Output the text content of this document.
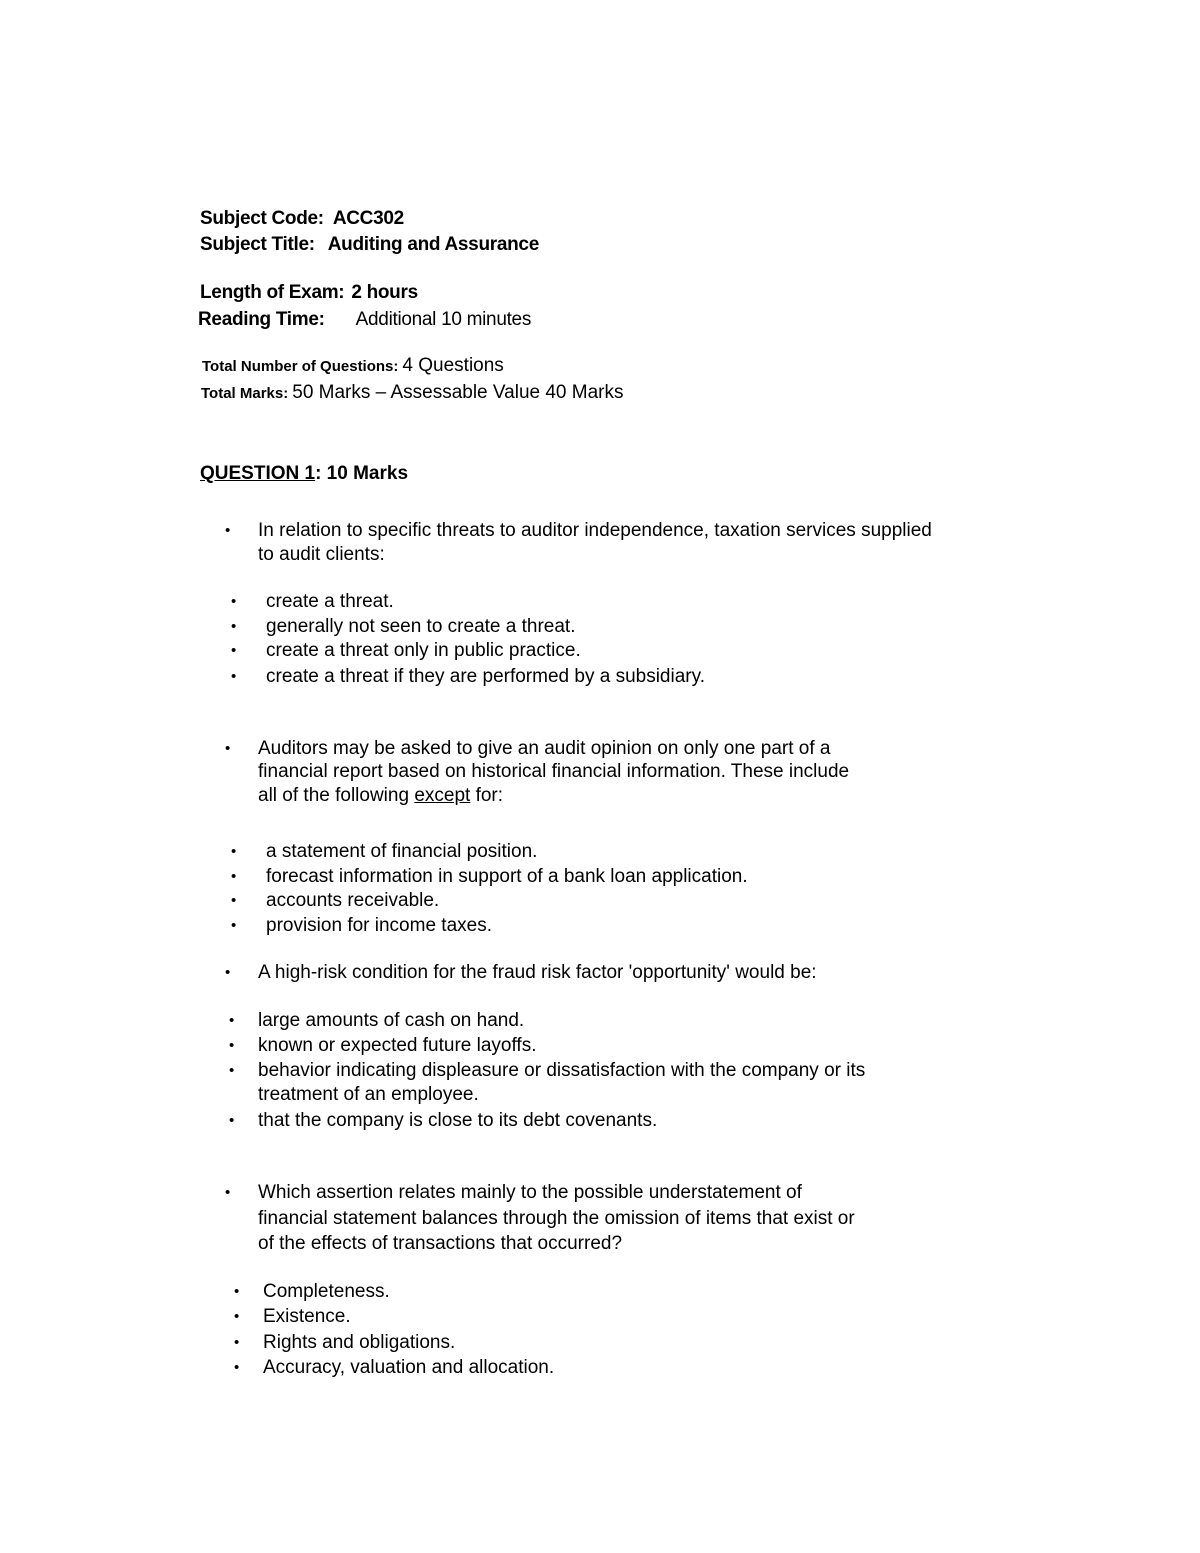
Subject Code: ACC302
Subject Title: Auditing and Assurance
Length of Exam: 2 hours
Reading Time: Additional 10 minutes
Total Number of Questions: 4 Questions
Total Marks: 50 Marks – Assessable Value 40 Marks
QUESTION 1: 10 Marks
• In relation to specific threats to auditor independence, taxation services supplied
to audit clients:
• create a threat.
• generally not seen to create a threat.
• create a threat only in public practice.
• create a threat if they are performed by a subsidiary.
• Auditors may be asked to give an audit opinion on only one part of a
financial report based on historical financial information. These include
all of the following except for:
• a statement of financial position.
• forecast information in support of a bank loan application.
• accounts receivable.
• provision for income taxes.
• A high-risk condition for the fraud risk factor 'opportunity' would be:
• large amounts of cash on hand.
• known or expected future layoffs.
• behavior indicating displeasure or dissatisfaction with the company or its
treatment of an employee.
• that the company is close to its debt covenants.
• Which assertion relates mainly to the possible understatement of
financial statement balances through the omission of items that exist or
of the effects of transactions that occurred?
• Completeness.
• Existence.
• Rights and obligations.
• Accuracy, valuation and allocation.
